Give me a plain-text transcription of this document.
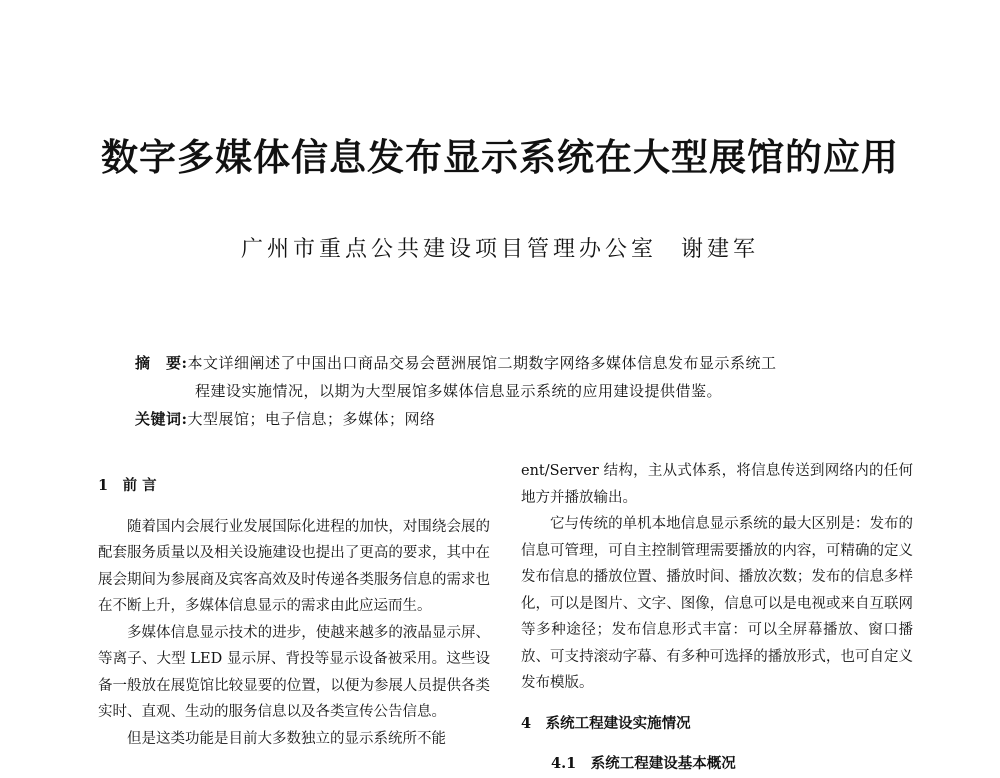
数字多媒体信息发布显示系统在大型展馆的应用

广州市重点公共建设项目管理办公室 谢建军

摘　要:本文详细阐述了中国出口商品交易会琶洲展馆二期数字网络多媒体信息发布显示系统工
程建设实施情况，以期为大型展馆多媒体信息显示系统的应用建设提供借鉴。
关键词:大型展馆；电子信息；多媒体；网络

1　前 言

随着国内会展行业发展国际化进程的加快，对围绕会展的配套服务质量以及相关设施建设也提出了更高的要求，其中在展会期间为参展商及宾客高效及时传递各类服务信息的需求也在不断上升，多媒体信息显示的需求由此应运而生。

多媒体信息显示技术的进步，使越来越多的液晶显示屏、等离子、大型 LED 显示屏、背投等显示设备被采用。这些设备一般放在展览馆比较显要的位置，以便为参展人员提供各类实时、直观、生动的服务信息以及各类宣传公告信息。

但是这类功能是目前大多数独立的显示系统所不能

ent/Server 结构，主从式体系，将信息传送到网络内的任何地方并播放输出。

它与传统的单机本地信息显示系统的最大区别是：发布的信息可管理，可自主控制管理需要播放的内容，可精确的定义发布信息的播放位置、播放时间、播放次数；发布的信息多样化，可以是图片、文字、图像，信息可以是电视或来自互联网等多种途径；发布信息形式丰富：可以全屏幕播放、窗口播放、可支持滚动字幕、有多种可选择的播放形式，也可自定义发布模版。

4　系统工程建设实施情况

4.1　系统工程建设基本概况
